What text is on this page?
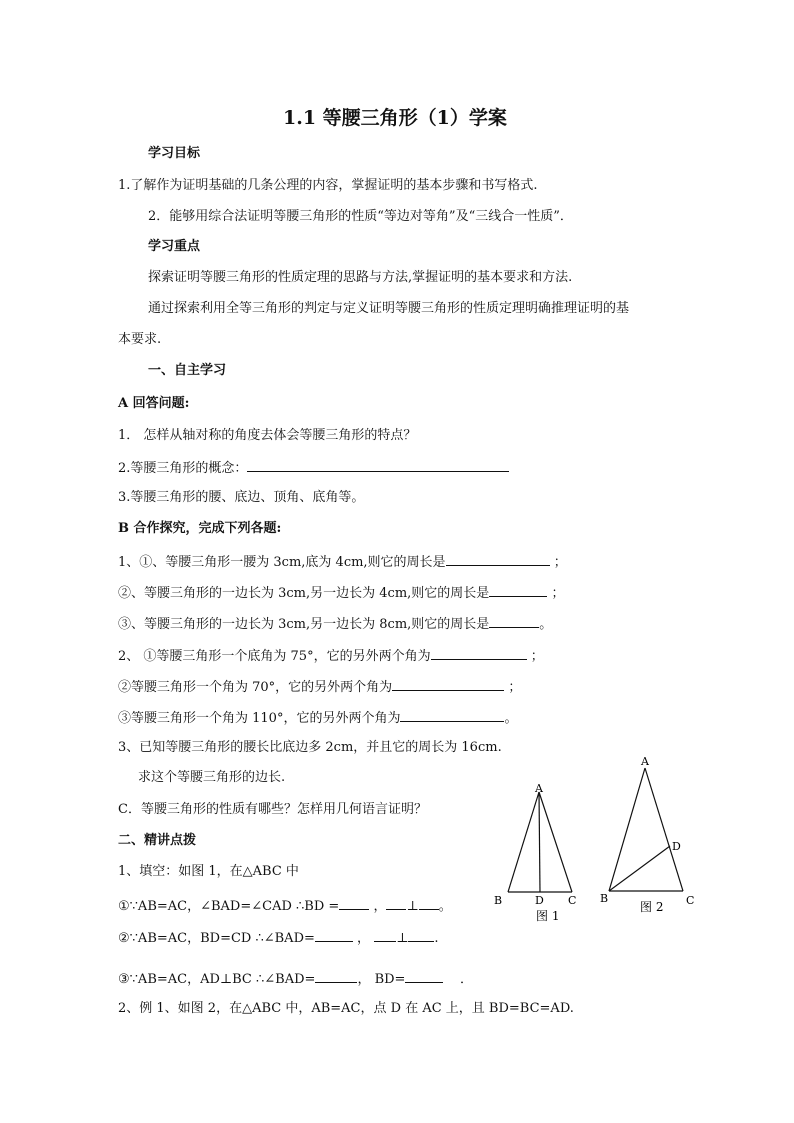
1.1 等腰三角形（1）学案
学习目标
1.了解作为证明基础的几条公理的内容，掌握证明的基本步骤和书写格式.
2．能够用综合法证明等腰三角形的性质“等边对等角”及“三线合一性质”．
学习重点
探索证明等腰三角形的性质定理的思路与方法,掌握证明的基本要求和方法.
通过探索利用全等三角形的判定与定义证明等腰三角形的性质定理明确推理证明的基
本要求.
一、自主学习
A 回答问题:
1． 怎样从轴对称的角度去体会等腰三角形的特点？
2.等腰三角形的概念：
3.等腰三角形的腰、底边、顶角、底角等。
B 合作探究，完成下列各题:
1、①、等腰三角形一腰为 3cm,底为 4cm,则它的周长是	；
②、等腰三角形的一边长为 3cm,另一边长为 4cm,则它的周长是	；
③、等腰三角形的一边长为 3cm,另一边长为 8cm,则它的周长是	。
2、 ①等腰三角形一个底角为 75°，它的另外两个角为	；
②等腰三角形一个角为 70°，它的另外两个角为	；
③等腰三角形一个角为 110°，它的另外两个角为	。
3、已知等腰三角形的腰长比底边多 2cm，并且它的周长为 16cm.
求这个等腰三角形的边长.
C．等腰三角形的性质有哪些？怎样用几何语言证明？
二、精讲点拨
1、填空：如图 1，在△ABC 中
①∵AB=AC，∠BAD=∠CAD ∴BD =	， ⊥ 。
②∵AB=AC，BD=CD ∴∠BAD=	， ⊥ .
③∵AB=AC，AD⊥BC ∴∠BAD=	， BD=	．
2、例 1、如图 2，在△ABC 中，AB=AC，点 D 在 AC 上，且 BD=BC=AD.
A
B	D C
图 1
A
D
B	C
图 2
